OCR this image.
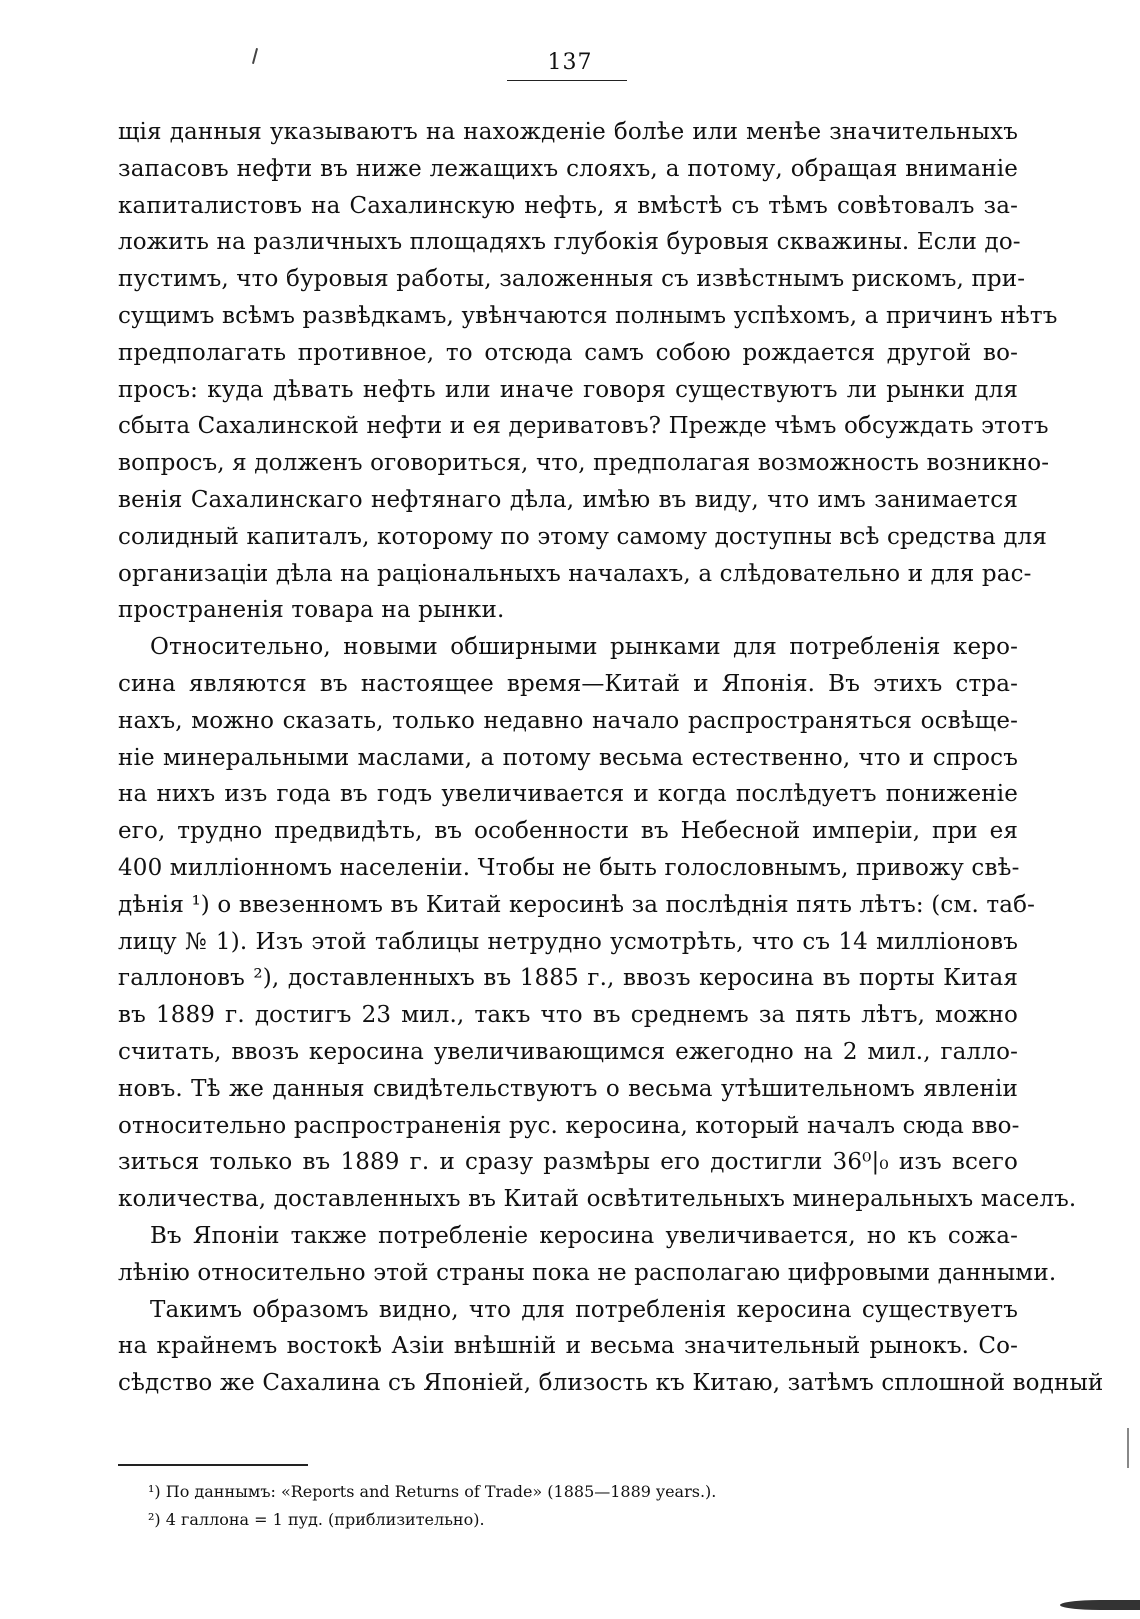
137
щія данныя указываютъ на нахожденіе болѣе или менѣе значительныхъ
запасовъ нефти въ ниже лежащихъ слояхъ, а потому, обращая вниманіе
капиталистовъ на Сахалинскую нефть, я вмѣстѣ съ тѣмъ совѣтовалъ за-
ложить на различныхъ площадяхъ глубокія буровыя скважины. Если до-
пустимъ, что буровыя работы, заложенныя съ извѣстнымъ рискомъ, при-
сущимъ всѣмъ развѣдкамъ, увѣнчаются полнымъ успѣхомъ, а причинъ нѣтъ
предполагать противное, то отсюда самъ собою рождается другой во-
просъ: куда дѣвать нефть или иначе говоря существуютъ ли рынки для
сбыта Сахалинской нефти и ея дериватовъ? Прежде чѣмъ обсуждать этотъ
вопросъ, я долженъ оговориться, что, предполагая возможность возникно-
венія Сахалинскаго нефтянаго дѣла, имѣю въ виду, что имъ занимается
солидный капиталъ, которому по этому самому доступны всѣ средства для
организаціи дѣла на раціональныхъ началахъ, а слѣдовательно и для рас-
пространенія товара на рынки.
Относительно, новыми обширными рынками для потребленія керо-
сина являются въ настоящее время—Китай и Японія. Въ этихъ стра-
нахъ, можно сказать, только недавно начало распространяться освѣще-
ніе минеральными маслами, а потому весьма естественно, что и спросъ
на нихъ изъ года въ годъ увеличивается и когда послѣдуетъ пониженіе
его, трудно предвидѣть, въ особенности въ Небесной имперіи, при ея
400 милліонномъ населеніи. Чтобы не быть голословнымъ, привожу свѣ-
дѣнія ¹) о ввезенномъ въ Китай керосинѣ за послѣднія пять лѣтъ: (см. таб-
лицу № 1). Изъ этой таблицы нетрудно усмотрѣть, что съ 14 милліоновъ
галлоновъ ²), доставленныхъ въ 1885 г., ввозъ керосина въ порты Китая
въ 1889 г. достигъ 23 мил., такъ что въ среднемъ за пять лѣтъ, можно
считать, ввозъ керосина увеличивающимся ежегодно на 2 мил., галло-
новъ. Тѣ же данныя свидѣтельствуютъ о весьма утѣшительномъ явленіи
относительно распространенія рус. керосина, который началъ сюда вво-
зиться только въ 1889 г. и сразу размѣры его достигли 36⁰|₀ изъ всего
количества, доставленныхъ въ Китай освѣтительныхъ минеральныхъ маселъ.
Въ Японіи также потребленіе керосина увеличивается, но къ сожа-
лѣнію относительно этой страны пока не располагаю цифровыми данными.
Такимъ образомъ видно, что для потребленія керосина существуетъ
на крайнемъ востокѣ Азіи внѣшній и весьма значительный рынокъ. Со-
сѣдство же Сахалина съ Японіей, близость къ Китаю, затѣмъ сплошной водный
¹) По даннымъ: «Reports and Returns of Trade» (1885—1889 years.).
²) 4 галлона = 1 пуд. (приблизительно).
